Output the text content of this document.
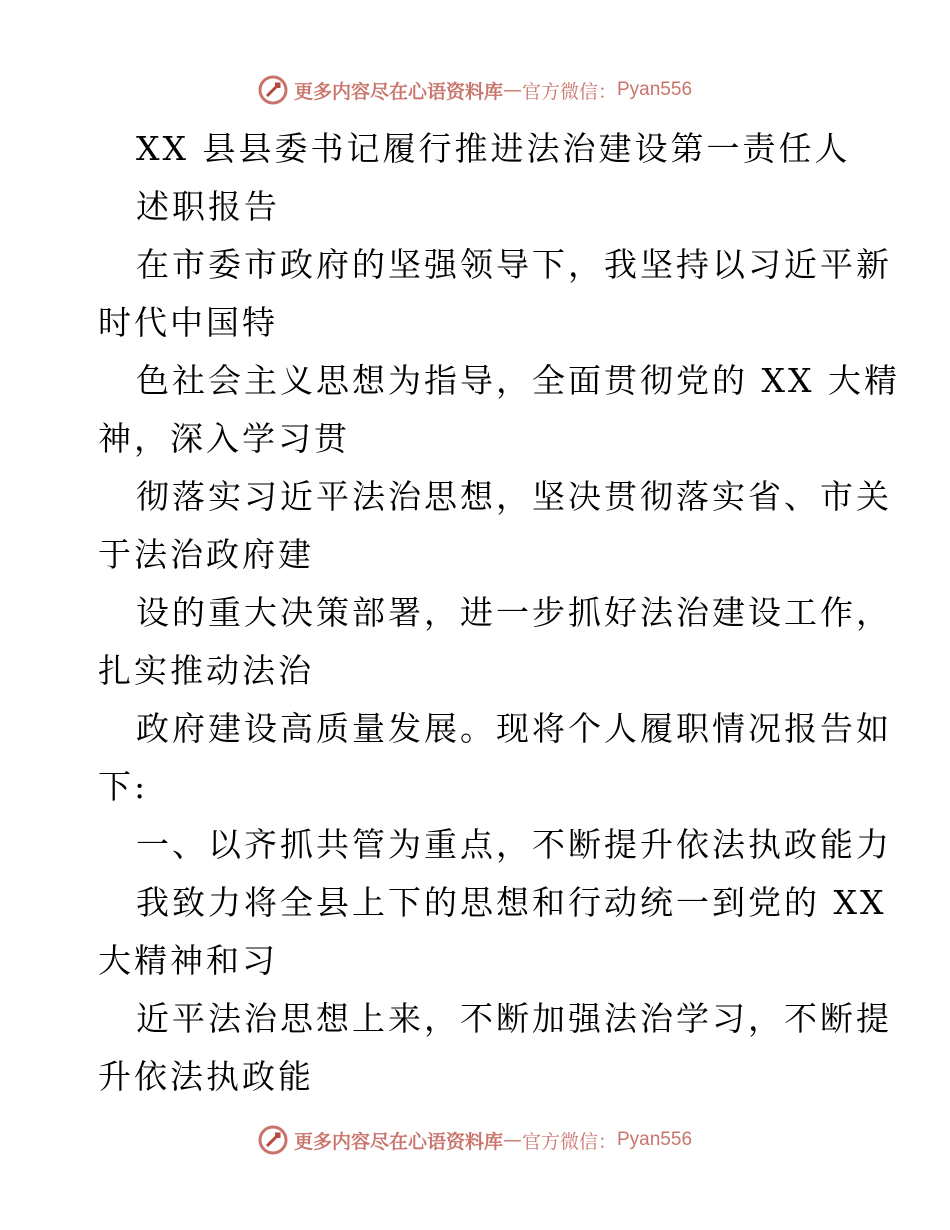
更多内容尽在心语资料库 — 官方微信： Pyan556
XX 县县委书记履行推进法治建设第一责任人
述职报告
在市委市政府的坚强领导下，我坚持以习近平新
时代中国特
色社会主义思想为指导，全面贯彻党的 XX 大精
神，深入学习贯
彻落实习近平法治思想，坚决贯彻落实省、市关
于法治政府建
设的重大决策部署，进一步抓好法治建设工作，
扎实推动法治
政府建设高质量发展。现将个人履职情况报告如
下:
一、以齐抓共管为重点，不断提升依法执政能力
我致力将全县上下的思想和行动统一到党的 XX
大精神和习
近平法治思想上来，不断加强法治学习，不断提
升依法执政能
更多内容尽在心语资料库 — 官方微信： Pyan556
